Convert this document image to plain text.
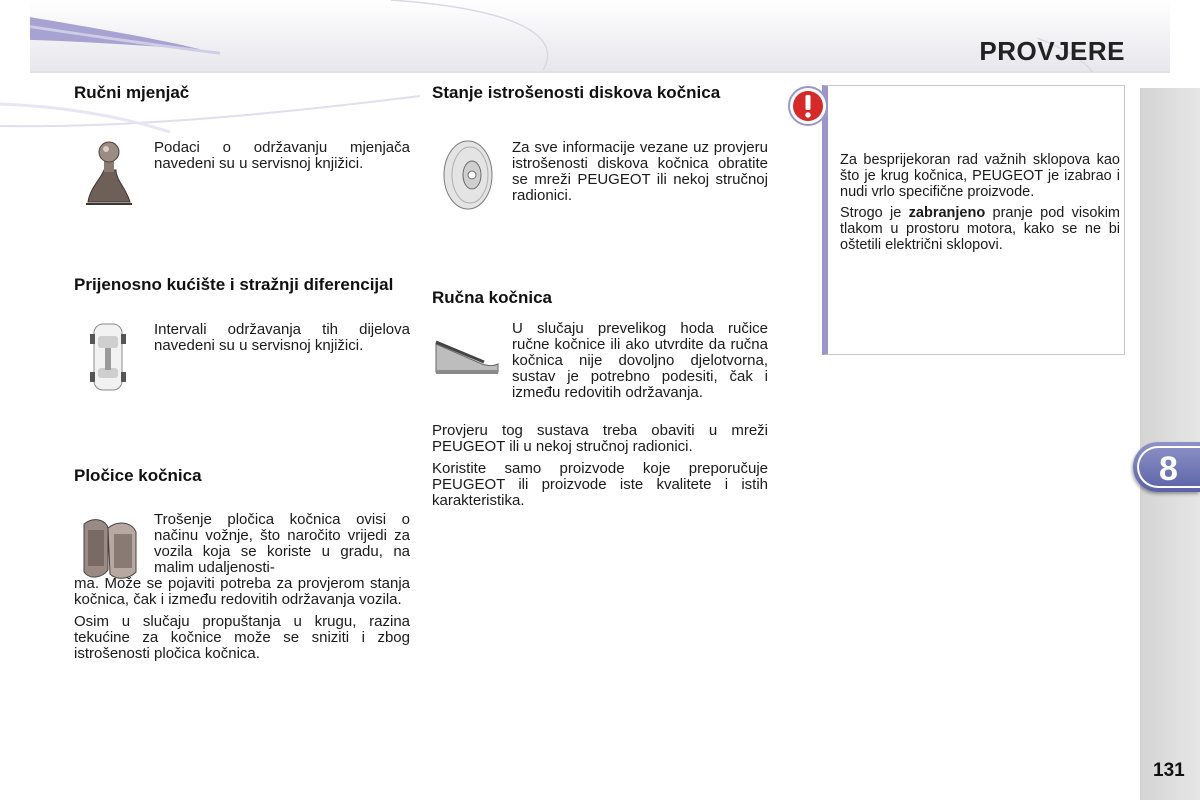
PROVJERE
8
131
Ručni mjenjač

Podaci o održavanju mjenjača navedeni su u servisnoj knjižici.

Prijenosno kućište i stražnji diferencijal

Intervali održavanja tih dijelova navedeni su u servisnoj knjižici.

Pločice kočnica

Trošenje pločica kočnica ovisi o načinu vožnje, što naročito vrijedi za vozila koja se koriste u gradu, na malim udaljenosti-

ma. Može se pojaviti potreba za provjerom stanja kočnica, čak i između redovitih održavanja vozila.

Osim u slučaju propuštanja u krugu, razina tekućine za kočnice može se sniziti i zbog istrošenosti pločica kočnica.

Stanje istrošenosti diskova kočnica

Za sve informacije vezane uz provjeru istrošenosti diskova kočnica obratite se mreži PEUGEOT ili nekoj stručnoj radionici.

Ručna kočnica

U slučaju prevelikog hoda ručice ručne kočnice ili ako utvrdite da ručna kočnica nije dovoljno djelotvorna, sustav je potrebno podesiti, čak i između redovitih održavanja.

Provjeru tog sustava treba obaviti u mreži PEUGEOT ili u nekoj stručnoj radionici.

Koristite samo proizvode koje preporučuje PEUGEOT ili proizvode iste kvalitete i istih karakteristika.

Za besprijekoran rad važnih sklopova kao što je krug kočnica, PEUGEOT je izabrao i nudi vrlo specifične proizvode.

Strogo je zabranjeno pranje pod visokim tlakom u prostoru motora, kako se ne bi oštetili električni sklopovi.
